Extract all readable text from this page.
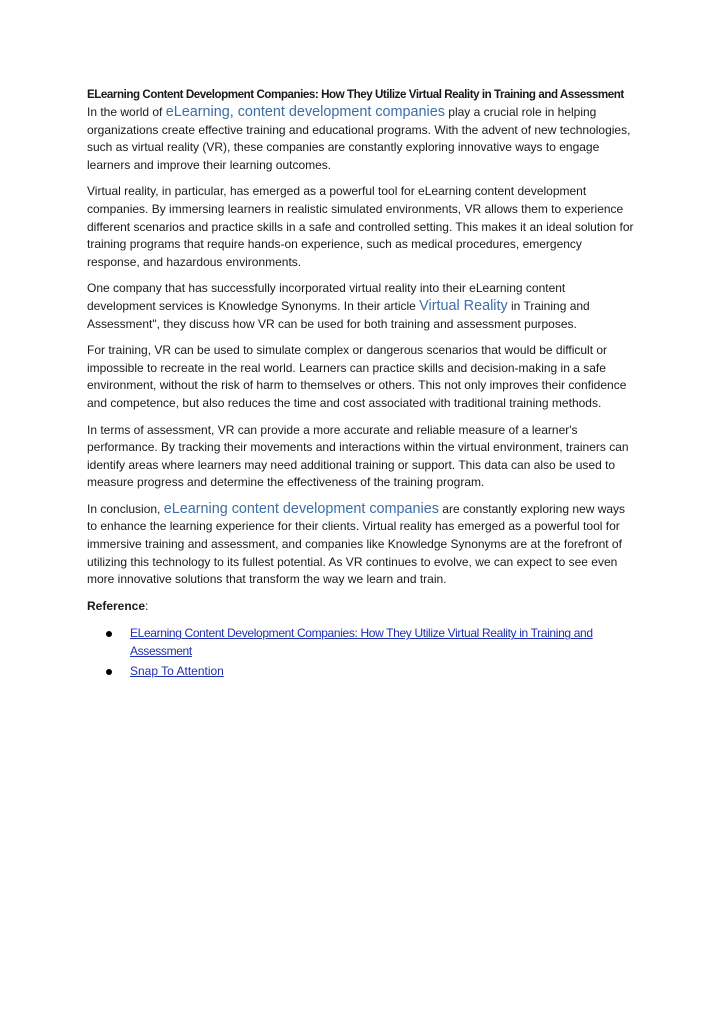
ELearning Content Development Companies: How They Utilize Virtual Reality in Training and Assessment

In the world of eLearning, content development companies play a crucial role in helping organizations create effective training and educational programs. With the advent of new technologies, such as virtual reality (VR), these companies are constantly exploring innovative ways to engage learners and improve their learning outcomes.

Virtual reality, in particular, has emerged as a powerful tool for eLearning content development companies. By immersing learners in realistic simulated environments, VR allows them to experience different scenarios and practice skills in a safe and controlled setting. This makes it an ideal solution for training programs that require hands-on experience, such as medical procedures, emergency response, and hazardous environments.

One company that has successfully incorporated virtual reality into their eLearning content development services is Knowledge Synonyms. In their article Virtual Reality in Training and Assessment", they discuss how VR can be used for both training and assessment purposes.

For training, VR can be used to simulate complex or dangerous scenarios that would be difficult or impossible to recreate in the real world. Learners can practice skills and decision-making in a safe environment, without the risk of harm to themselves or others. This not only improves their confidence and competence, but also reduces the time and cost associated with traditional training methods.

In terms of assessment, VR can provide a more accurate and reliable measure of a learner's performance. By tracking their movements and interactions within the virtual environment, trainers can identify areas where learners may need additional training or support. This data can also be used to measure progress and determine the effectiveness of the training program.

In conclusion, eLearning content development companies are constantly exploring new ways to enhance the learning experience for their clients. Virtual reality has emerged as a powerful tool for immersive training and assessment, and companies like Knowledge Synonyms are at the forefront of utilizing this technology to its fullest potential. As VR continues to evolve, we can expect to see even more innovative solutions that transform the way we learn and train.

Reference:
ELearning Content Development Companies: How They Utilize Virtual Reality in Training and Assessment
Snap To Attention
